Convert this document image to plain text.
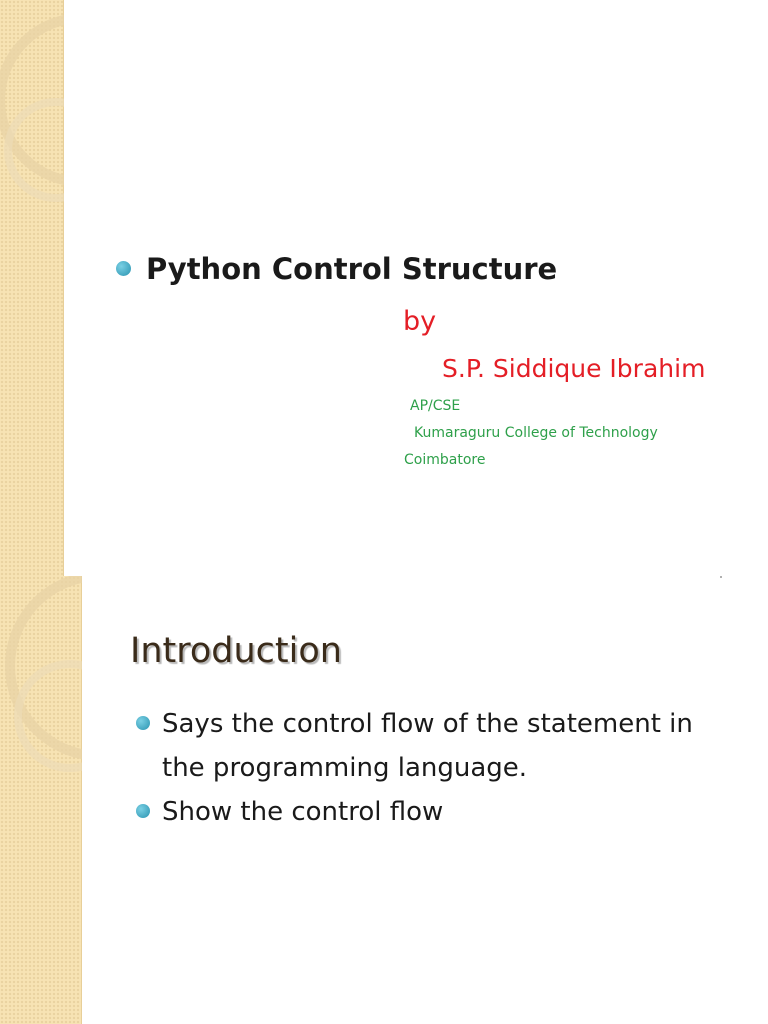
Python Control Structure
by
S.P. Siddique Ibrahim
AP/CSE
Kumaraguru College of Technology
Coimbatore
Introduction
Says the control flow of the statement in
the programming language.
Show the control flow
